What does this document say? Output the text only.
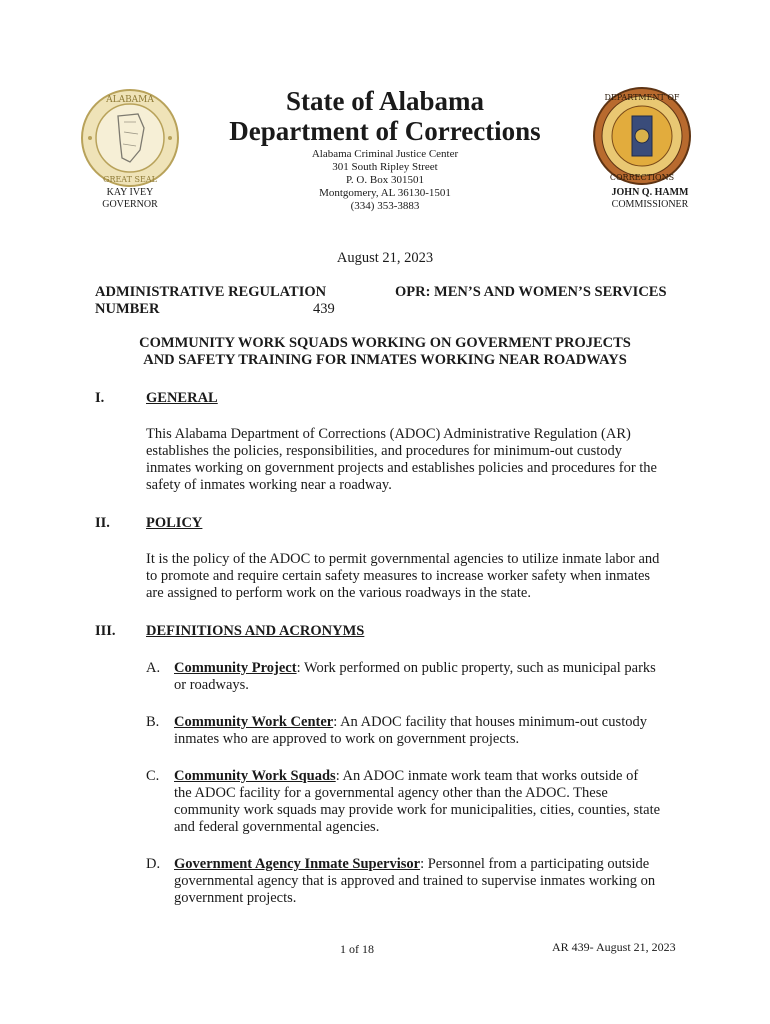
ALABAMA
GREAT SEAL
DEPARTMENT OF
CORRECTIONS
State of Alabama
Department of Corrections
Alabama Criminal Justice Center
301 South Ripley Street
P. O. Box 301501
Montgomery, AL 36130-1501
(334) 353-3883
KAY IVEY
GOVERNOR
JOHN Q. HAMM
COMMISSIONER
August 21, 2023
ADMINISTRATIVE REGULATION
NUMBER	439
OPR: MEN’S AND WOMEN’S SERVICES
COMMUNITY WORK SQUADS WORKING ON GOVERMENT PROJECTS
AND SAFETY TRAINING FOR INMATES WORKING NEAR ROADWAYS
I.	GENERAL
This Alabama Department of Corrections (ADOC) Administrative Regulation (AR)
establishes the policies, responsibilities, and procedures for minimum-out custody
inmates working on government projects and establishes policies and procedures for the
safety of inmates working near a roadway.
II. POLICY
It is the policy of the ADOC to permit governmental agencies to utilize inmate labor and
to promote and require certain safety measures to increase worker safety when inmates
are assigned to perform work on the various roadways in the state.
III. DEFINITIONS AND ACRONYMS
A. Community Project: Work performed on public property, such as municipal parks
or roadways.
B. Community Work Center: An ADOC facility that houses minimum-out custody
inmates who are approved to work on government projects.
C. Community Work Squads: An ADOC inmate work team that works outside of
the ADOC facility for a governmental agency other than the ADOC. These
community work squads may provide work for municipalities, cities, counties, state
and federal governmental agencies.
D. Government Agency Inmate Supervisor: Personnel from a participating outside
governmental agency that is approved and trained to supervise inmates working on
government projects.
1 of 18	AR 439- August 21, 2023
